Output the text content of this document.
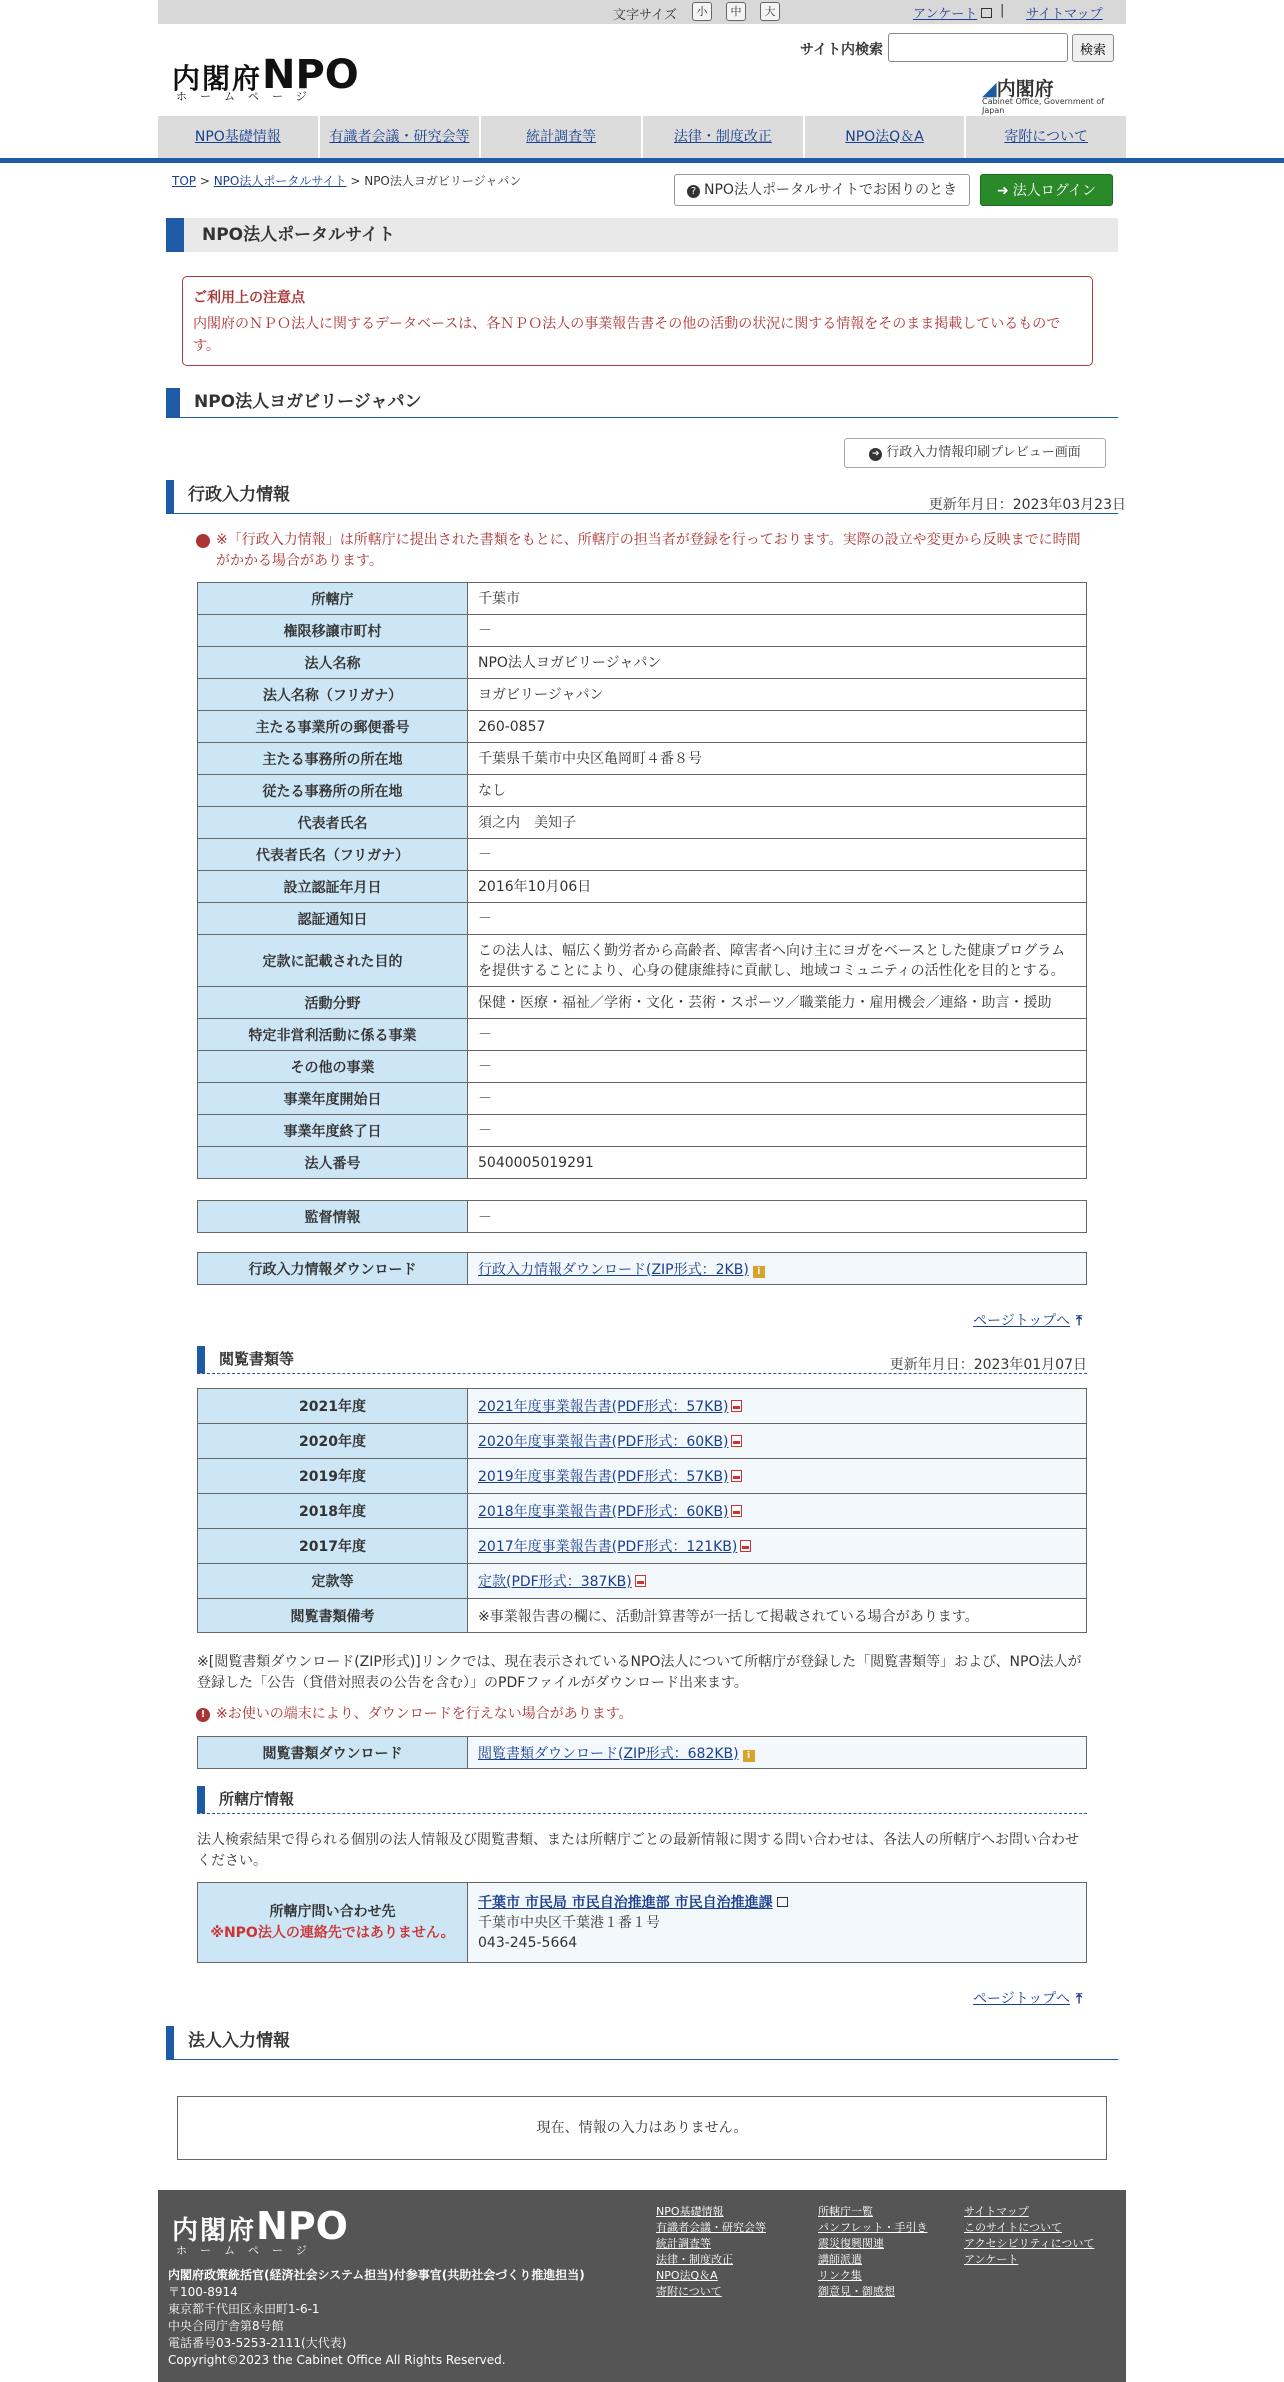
文字サイズ	小	中	大	アンケート	| サイトマップ
内閣府NPO
ホームページ
サイト内検索	検索
◢内閣府
Cabinet Office, Government of Japan
NPO基礎情報	有識者会議・研究会等	統計調査等	法律・制度改正	NPO法Q＆A	寄附について
TOP > NPO法人ポータルサイト > NPO法人ヨガビリージャパン
? NPO法人ポータルサイトでお困りのとき	➜ 法人ログイン
NPO法人ポータルサイト
ご利用上の注意点
内閣府のＮＰＯ法人に関するデータベースは、各ＮＰＯ法人の事業報告書その他の活動の状況に関する情報をそのまま掲載しているものです。
NPO法人ヨガビリージャパン
➔ 行政入力情報印刷プレビュー画面
行政入力情報	更新年月日：2023年03月23日
! ※「行政入力情報」は所轄庁に提出された書類をもとに、所轄庁の担当者が登録を行っております。実際の設立や変更から反映までに時間がかかる場合があります。
所轄庁	千葉市
権限移譲市町村	－
法人名称	NPO法人ヨガビリージャパン
法人名称（フリガナ）	ヨガビリージャパン
主たる事業所の郵便番号	260-0857
主たる事務所の所在地	千葉県千葉市中央区亀岡町４番８号
従たる事務所の所在地	なし
代表者氏名	須之内　美知子
代表者氏名（フリガナ）	－
設立認証年月日	2016年10月06日
認証通知日	－
定款に記載された目的	この法人は、幅広く勤労者から高齢者、障害者へ向け主にヨガをベースとした健康プログラムを提供することにより、心身の健康維持に貢献し、地域コミュニティの活性化を目的とする。
活動分野	保健・医療・福祉／学術・文化・芸術・スポーツ／職業能力・雇用機会／連絡・助言・援助
特定非営利活動に係る事業	－
その他の事業	－
事業年度開始日	－
事業年度終了日	－
法人番号	5040005019291
監督情報	－
行政入力情報ダウンロード	行政入力情報ダウンロード(ZIP形式：2KB) i
ページトップへ ⤒
閲覧書類等	更新年月日：2023年01月07日
2021年度	2021年度事業報告書(PDF形式：57KB)
2020年度	2020年度事業報告書(PDF形式：60KB)
2019年度	2019年度事業報告書(PDF形式：57KB)
2018年度	2018年度事業報告書(PDF形式：60KB)
2017年度	2017年度事業報告書(PDF形式：121KB)
定款等	定款(PDF形式：387KB)
閲覧書類備考	※事業報告書の欄に、活動計算書等が一括して掲載されている場合があります。
※[閲覧書類ダウンロード(ZIP形式)]リンクでは、現在表示されているNPO法人について所轄庁が登録した「閲覧書類等」および、NPO法人が登録した「公告（貸借対照表の公告を含む）」のPDFファイルがダウンロード出来ます。
! ※お使いの端末により、ダウンロードを行えない場合があります。
閲覧書類ダウンロード	閲覧書類ダウンロード(ZIP形式：682KB) i
所轄庁情報
法人検索結果で得られる個別の法人情報及び閲覧書類、または所轄庁ごとの最新情報に関する問い合わせは、各法人の所轄庁へお問い合わせください。
所轄庁問い合わせ先
※NPO法人の連絡先ではありません。

千葉市 市民局 市民自治推進部 市民自治推進課
千葉市中央区千葉港１番１号
043-245-5664
ページトップへ ⤒
法人入力情報
現在、情報の入力はありません。
内閣府NPO
ホームページ
内閣府政策統括官(経済社会システム担当)付参事官(共助社会づくり推進担当)
〒100-8914
東京都千代田区永田町1-6-1
中央合同庁舎第8号館
電話番号03-5253-2111(大代表)
Copyright©2023 the Cabinet Office All Rights Reserved.
NPO基礎情報
有識者会議・研究会等
統計調査等
法律・制度改正
NPO法Q＆A
寄附について
所轄庁一覧
パンフレット・手引き
震災復興関連
講師派遣
リンク集
御意見・御感想
サイトマップ
このサイトについて
アクセシビリティについて
アンケート
